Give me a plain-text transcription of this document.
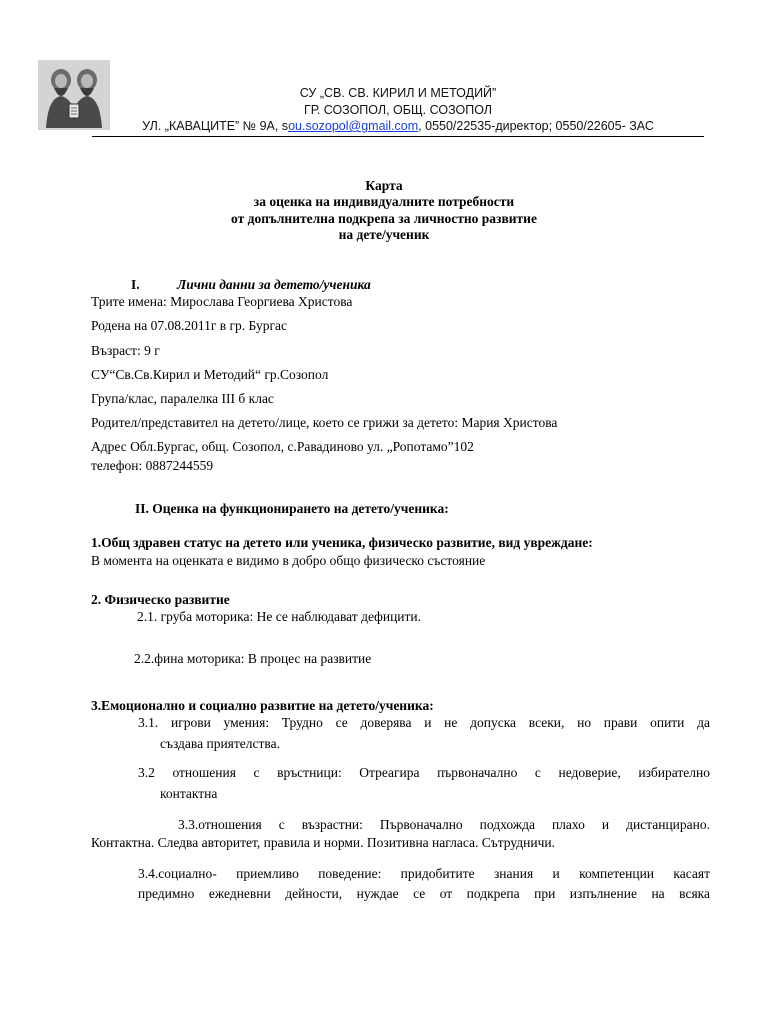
СУ „СВ. СВ. КИРИЛ И МЕТОДИЙ”
ГР. СОЗОПОЛ, ОБЩ. СОЗОПОЛ
УЛ. „КАВАЦИТЕ” № 9А, sou.sozopol@gmail.com, 0550/22535-директор; 0550/22605- ЗАС
Карта
за оценка на индивидуалните потребности
от допълнителна подкрепа за личностно развитие
на дете/ученик
I.	Лични данни за детето/ученика
Трите имена: Мирослава Георгиева Христова
Родена на 07.08.2011г в гр. Бургас
Възраст: 9 г
СУ“Св.Св.Кирил и Методий“ гр.Созопол
Група/клас, паралелка III б клас
Родител/представител на детето/лице, което се грижи за детето: Мария Христова
Адрес Обл.Бургас, общ. Созопол, с.Равадиново ул. „Ропотамо”102
телефон: 0887244559
II. Оценка на функционирането на детето/ученика:
1.Общ здравен статус на детето или ученика, физическо развитие, вид увреждане:
В момента на оценката е видимо в добро общо физическо състояние
2. Физическо развитие
2.1. груба моторика: Не се наблюдават дефицити.
2.2.фина моторика: В процес на развитие
3.Емоционално и социално развитие на детето/ученика:
3.1. игрови умения: Трудно се доверява и не допуска всеки, но прави опити да
създава приятелства.
3.2 отношения с връстници: Отреагира първоначално с недоверие, избирателно
контактна
3.3.отношения с възрастни: Първоначално подхожда плахо и дистанцирано.
Контактна. Следва авторитет, правила и норми. Позитивна нагласа. Сътрудничи.
3.4.социално- приемливо поведение: придобитите знания и компетенции касаят
предимно ежедневни дейности, нуждае се от подкрепа при изпълнение на всяка
